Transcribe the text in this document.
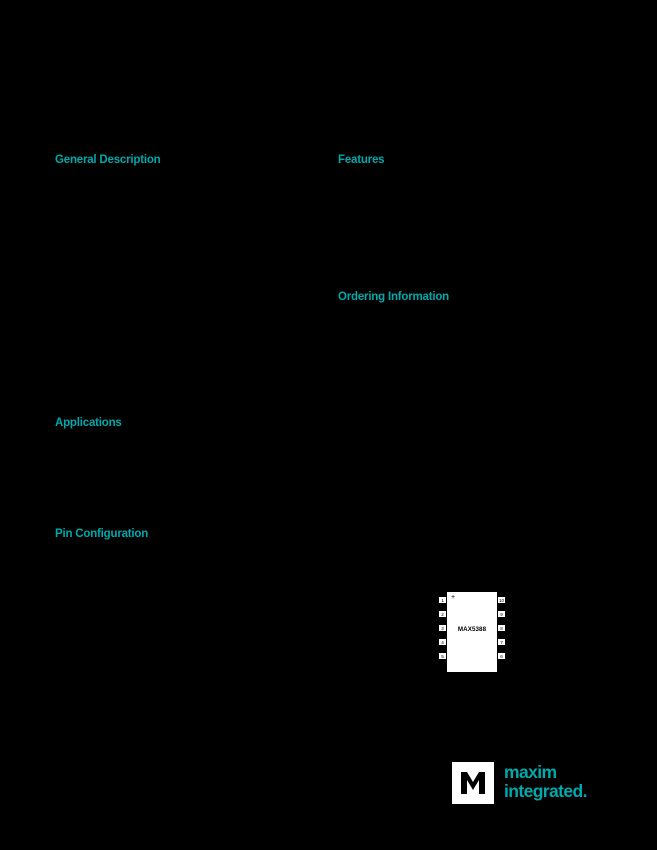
General Description	Features
Ordering Information
Applications
Pin Configuration
+
MAX5388
1
2
3
4
5
10
9
8
7
6
maxim
integrated.
